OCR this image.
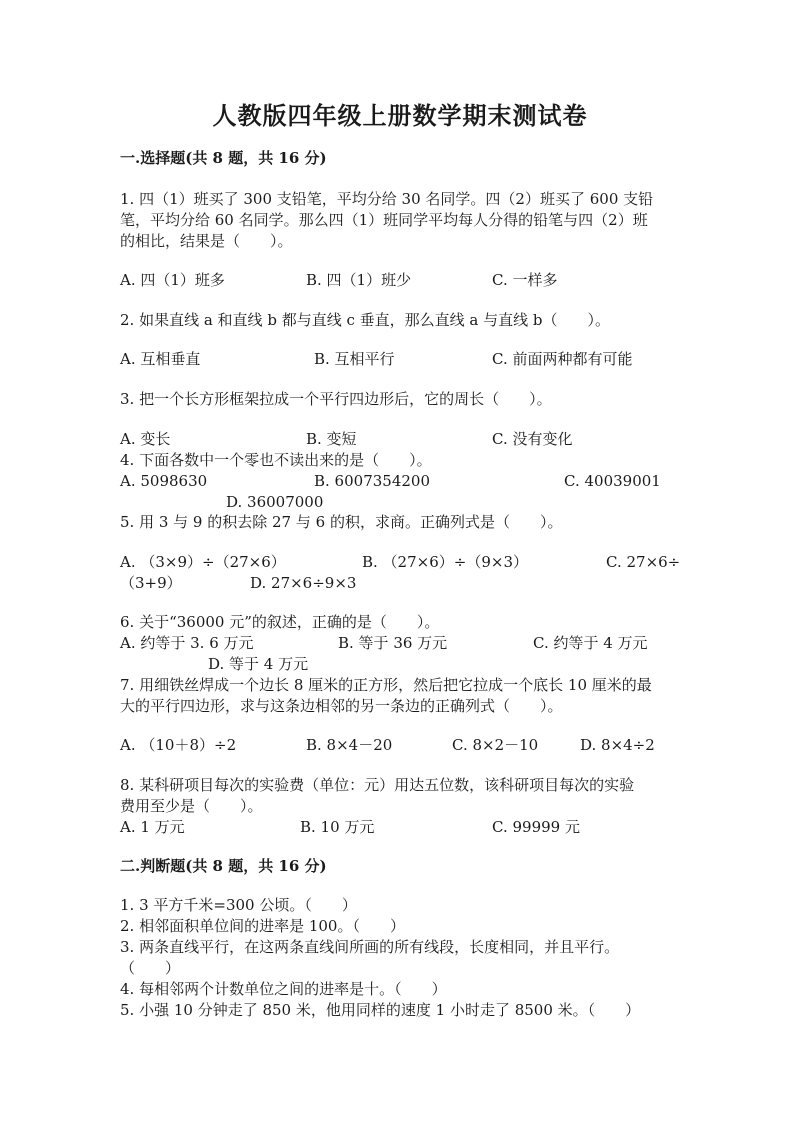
人教版四年级上册数学期末测试卷
一.选择题(共 8 题，共 16 分)
1. 四（1）班买了 300 支铅笔，平均分给 30 名同学。四（2）班买了 600 支铅
笔，平均分给 60 名同学。那么四（1）班同学平均每人分得的铅笔与四（2）班
的相比，结果是（　　）。
A. 四（1）班多	B. 四（1）班少	C. 一样多
2. 如果直线 a 和直线 b 都与直线 c 垂直，那么直线 a 与直线 b（　　）。
A. 互相垂直	B. 互相平行	C. 前面两种都有可能
3. 把一个长方形框架拉成一个平行四边形后，它的周长（　　）。
A. 变长	B. 变短	C. 没有变化
4. 下面各数中一个零也不读出来的是（　　）。
A. 5098630	B. 6007354200	C. 40039001
D. 36007000
5. 用 3 与 9 的积去除 27 与 6 的积，求商。正确列式是（　　）。
A. （3×9）÷（27×6）	B. （27×6）÷（9×3）	C. 27×6÷
（3+9）	D. 27×6÷9×3
6. 关于“36000 元”的叙述，正确的是（　　）。
A. 约等于 3. 6 万元	B. 等于 36 万元	C. 约等于 4 万元
D. 等于 4 万元
7. 用细铁丝焊成一个边长 8 厘米的正方形，然后把它拉成一个底长 10 厘米的最
大的平行四边形，求与这条边相邻的另一条边的正确列式（　　）。
A. （10＋8）÷2	B. 8×4－20	C. 8×2－10	D. 8×4÷2
8. 某科研项目每次的实验费（单位：元）用达五位数，该科研项目每次的实验
费用至少是（　　）。
A. 1 万元	B. 10 万元	C. 99999 元
二.判断题(共 8 题，共 16 分)
1. 3 平方千米=300 公顷。（　　）
2. 相邻面积单位间的进率是 100。（　　）
3. 两条直线平行，在这两条直线间所画的所有线段，长度相同，并且平行。
（　　）
4. 每相邻两个计数单位之间的进率是十。（　　）
5. 小强 10 分钟走了 850 米，他用同样的速度 1 小时走了 8500 米。（　　）
